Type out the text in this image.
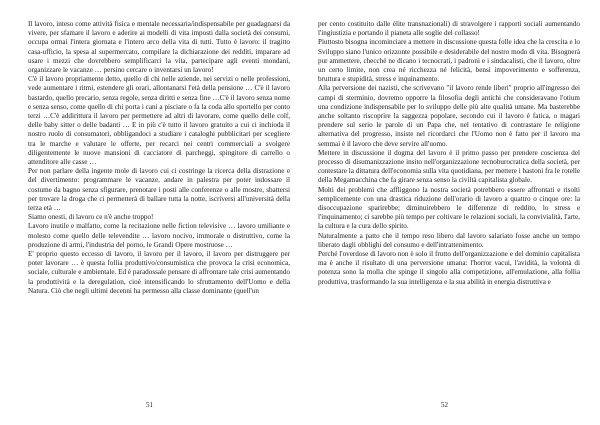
Il lavoro, inteso come attività fisica e mentale necessaria/indispensabile per guadagnarsi da vivere, per sfamare il lavoro e aderire ai modelli di vita imposti dalla società dei consumi, occupa ormai l'intera giornata e l'intero arco della vita di tutti. Tutto è lavoro: il tragitto casa-ufficio, la spesa al supermercato, compilare la dichiarazione dei redditi, imparare ad usare i mezzi che dovrebbero semplificarci la vita, partecipare agli eventi mondani, organizzare le vacanze … persino cercare o inventarsi un lavoro!

C'è il lavoro propriamente detto, quello di chi nelle aziende, nei servizi o nelle professioni, vede aumentare i ritmi, estendere gli orari, allontanarsi l'età della pensione … C'è il lavoro bastardo, quello precario, senza regole, senza diritti e senza fine …C'è il lavoro senza nome e senza senso, come quello di chi porta i cani a pisciare o fa la coda allo sportello per conto terzi …C'è addirittura il lavoro per permettere ad altri di lavorare, come quello delle colf, delle baby sitter o delle badanti … E in più c'è tutto il lavoro gratuito a cui ci inchioda il nostro ruolo di consumatori, obbligandoci a studiare i cataloghi pubblicitari per scegliere tra le marche e valutare le offerte, per recarci nei centri commerciali a svolgere diligentemente le nuove mansioni di cacciatore di parcheggi, spingitore di carrello o attenditore alle casse …

Per non parlare della ingente mole di lavoro cui ci costringe la ricerca della distrazione e del divertimento: programmare le vacanze, andare in palestra per poter indossare il costume da bagno senza sfigurare, prenotare i posti alle conferenze o alle mostre, sbattersi per trovare la droga che ci permetterà di ballare tutta la notte, iscriversi all'università della terza età …

Siamo onesti, di lavoro ce n'è anche troppo!

Lavoro inutile e malfatto, come la recitazione nelle fiction televisive … lavoro umiliante e molesto come quello delle televendite … lavoro nocivo, immorale o distruttivo, come la produzione di armi, l'industria del porno, le Grandi Opere mostruose …

E' proprio questo eccesso di lavoro, il lavoro per il lavoro, il lavoro per distruggere per poter lavorare … è questa follia produttivo/consumistica che provoca la crisi economica, sociale, culturale e ambientale. Ed è paradossale pensare di affrontare tale crisi aumentando la produttività e la deregulation, cioè intensificando lo sfruttamento dell'Uomo e della Natura. Ciò che negli ultimi decenni ha permesso alla classe dominante (quell'un

per cento costituito dalle élite transnazionali) di stravolgere i rapporti sociali aumentando l'ingiustizia e portando il pianeta alle soglie del collasso!

Piuttosto bisogna incominciare a mettere in discussione questa folle idea che la crescita e lo Sviluppo siano l'unico orizzonte possibile e desiderabile del nostro modo di vita. Bisognerà pur ammettere, checché ne dicano i tecnocrati, i padroni e i sindacalisti, che il lavoro, oltre un certo limite, non crea né ricchezza né felicità, bensì impoverimento e sofferenza, bruttura e stupidità, stress e inquinamento.

Alla perversione dei nazisti, che scrivevano "il lavoro rende liberi" proprio all'ingresso dei campi di sterminio, dovremo opporre la filosofia degli antichi che consideravano l'otium una condizione indispensabile per lo sviluppo delle più alte qualità umane. Ma basterebbe anche soltanto riscoprire la saggezza popolare, secondo cui il lavoro è fatica, o magari prendere sul serio le parole di un Papa che, nel tentativo di contrastare le religione alternativa del progresso, insiste nel ricordarci che l'Uomo non è fatto per il lavoro ma semmai è il lavoro che deve servire all'uomo.

Mettere in discussione il dogma del lavoro è il primo passo per prendere coscienza del processo di disumanizzazione insito nell'organizzazione tecnoburocratica della società, per contestare la dittatura dell'economia sulla vita quotidiana, per mettere i bastoni fra le rotelle della Megamacchina che fa girare senza senso la civiltà capitalista globale.

Molti dei problemi che affliggono la nostra società potrebbero essere affrontati e risolti semplicemente con una drastica riduzione dell'orario di lavoro a quattro o cinque ore: la disoccupazione sparirebbe; diminuirebbero le differenze di reddito, lo stress e l'inquinamento; ci sarebbe più tempo per coltivare le relazioni sociali, la convivialità, l'arte, la cultura e la cura dello spirito.

Naturalmente a patto che il tempo reso libero dal lavoro salariato fosse anche un tempo liberato dagli obblighi del consumo e dell'intrattenimento.

Perché l'overdose di lavoro non è solo il frutto dell'organizzazione e del dominio capitalista ma è anche il risultato di una perversione umana: l'horror vacui, l'avidità, la volontà di potenza sono la molla che spinge il singolo alla competizione, all'emulazione, alla follia produttiva, trasformando la sua intelligenza e la sua abilità in energia distruttiva e

51	52
